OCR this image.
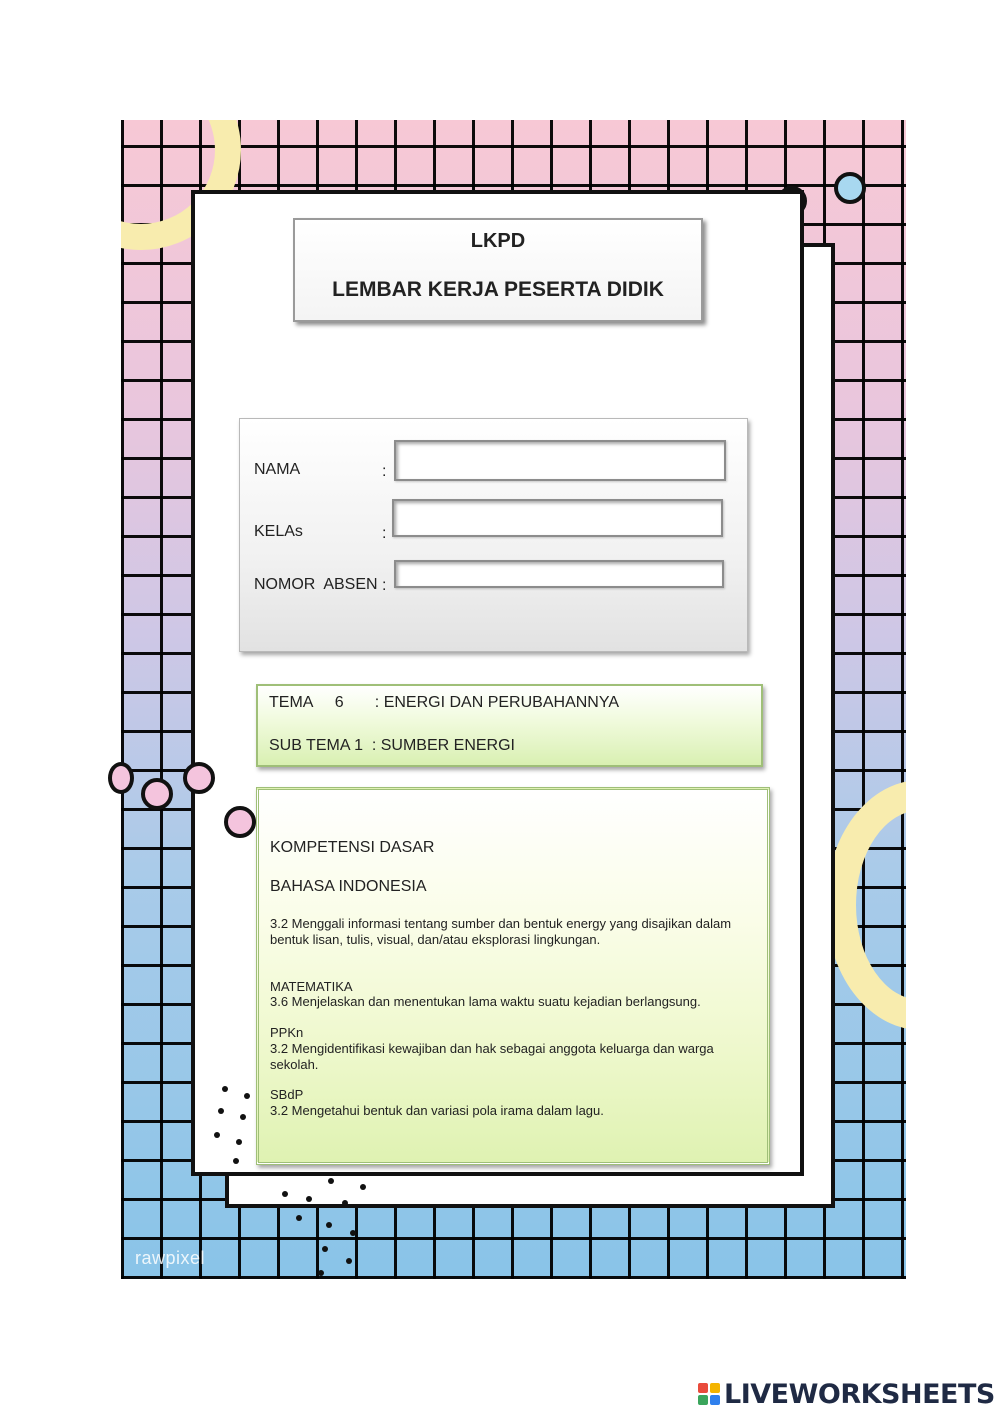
rawpixel
LKPD
LEMBAR KERJA PESERTA DIDIK
NAMA	:
KELAs	:
NOMOR  ABSEN :
TEMA     6       : ENERGI DAN PERUBAHANNYA
SUB TEMA 1  : SUMBER ENERGI
KOMPETENSI DASAR
BAHASA INDONESIA
3.2 Menggali informasi tentang sumber dan bentuk energy yang disajikan dalam bentuk lisan, tulis, visual, dan/atau eksplorasi lingkungan.
MATEMATIKA
3.6 Menjelaskan dan menentukan lama waktu suatu kejadian berlangsung.
PPKn
3.2 Mengidentifikasi kewajiban dan hak sebagai anggota keluarga dan warga sekolah.
SBdP
3.2 Mengetahui bentuk dan variasi pola irama dalam lagu.
LIVEWORKSHEETS
